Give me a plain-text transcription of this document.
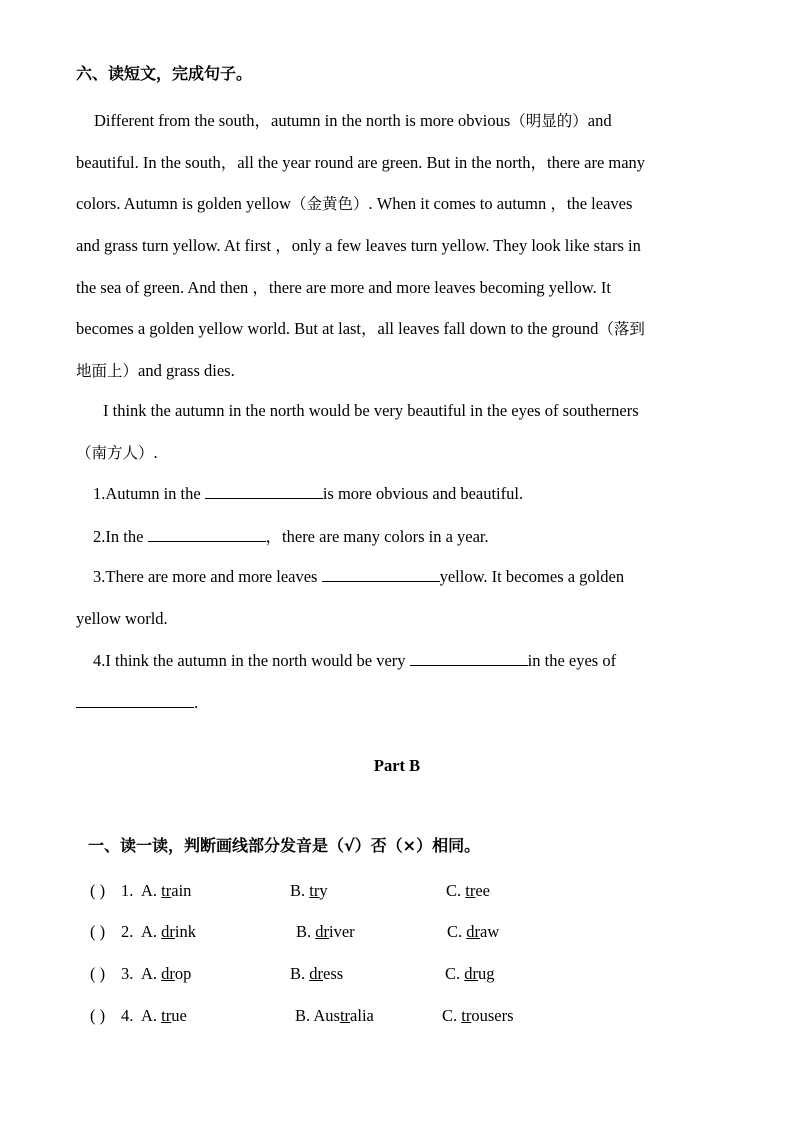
六、读短文，完成句子。
Different from the south，autumn in the north is more obvious（明显的）and
beautiful. In the south，all the year round are green. But in the north，there are many
colors. Autumn is golden yellow（金黄色）. When it comes to autumn ，the leaves
and grass turn yellow. At first ，only a few leaves turn yellow. They look like stars in
the sea of green. And then ，there are more and more leaves becoming yellow. It
becomes a golden yellow world. But at last，all leaves fall down to the ground（落到
地面上）and grass dies.
I think the autumn in the north would be very beautiful in the eyes of southerners
（南方人）.
1.Autumn in the	is more obvious and beautiful.
2.In the	，there are many colors in a year.
3.There are more and more leaves	yellow. It becomes a golden
yellow world.
4.I think the autumn in the north would be very	in the eyes of
.
Part B
一、读一读，判断画线部分发音是（√）否（×）相同。
( ) 1. A. train	B. try	C. tree
( ) 2. A. drink	B. driver	C. draw
( ) 3. A. drop	B. dress	C. drug
( ) 4. A. true	B. Australia	C. trousers
